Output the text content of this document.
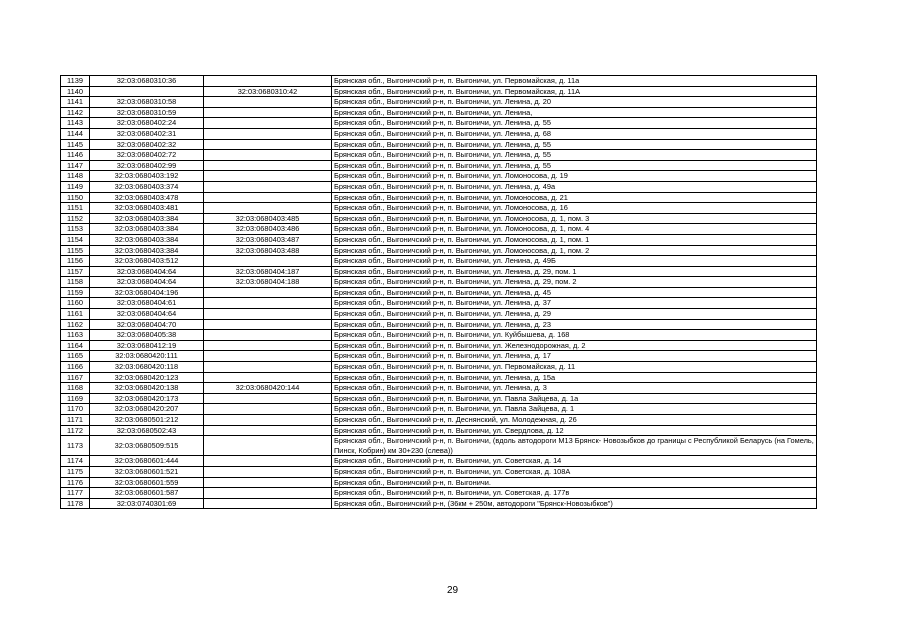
1139	32:03:0680310:36		Брянская обл., Выгоничский р-н, п. Выгоничи, ул. Первомайская, д. 11а
1140		32:03:0680310:42	Брянская обл., Выгоничский р-н, п. Выгоничи, ул. Первомайская, д. 11А
1141	32:03:0680310:58		Брянская обл., Выгоничский р-н, п. Выгоничи, ул. Ленина, д. 20
1142	32:03:0680310:59		Брянская обл., Выгоничский р-н, п. Выгоничи, ул. Ленина,
1143	32:03:0680402:24		Брянская обл., Выгоничский р-н, п. Выгоничи, ул. Ленина, д. 55
1144	32:03:0680402:31		Брянская обл., Выгоничский р-н, п. Выгоничи, ул. Ленина, д. 68
1145	32:03:0680402:32		Брянская обл., Выгоничский р-н, п. Выгоничи, ул. Ленина, д. 55
1146	32:03:0680402:72		Брянская обл., Выгоничский р-н, п. Выгоничи, ул. Ленина, д. 55
1147	32:03:0680402:99		Брянская обл., Выгоничский р-н, п. Выгоничи, ул. Ленина, д. 55
1148	32:03:0680403:192		Брянская обл., Выгоничский р-н, п. Выгоничи, ул. Ломоносова, д. 19
1149	32:03:0680403:374		Брянская обл., Выгоничский р-н, п. Выгоничи, ул. Ленина, д. 49а
1150	32:03:0680403:478		Брянская обл., Выгоничский р-н, п. Выгоничи, ул. Ломоносова, д. 21
1151	32:03:0680403:481		Брянская обл., Выгоничский р-н, п. Выгоничи, ул. Ломоносова, д. 16
1152	32:03:0680403:384	32:03:0680403:485	Брянская обл., Выгоничский р-н, п. Выгоничи, ул. Ломоносова, д. 1, пом. 3
1153	32:03:0680403:384	32:03:0680403:486	Брянская обл., Выгоничский р-н, п. Выгоничи, ул. Ломоносова, д. 1, пом. 4
1154	32:03:0680403:384	32:03:0680403:487	Брянская обл., Выгоничский р-н, п. Выгоничи, ул. Ломоносова, д. 1, пом. 1
1155	32:03:0680403:384	32:03:0680403:488	Брянская обл., Выгоничский р-н, п. Выгоничи, ул. Ломоносова, д. 1, пом. 2
1156	32:03:0680403:512		Брянская обл., Выгоничский р-н, п. Выгоничи, ул. Ленина, д. 49Б
1157	32:03:0680404:64	32:03:0680404:187	Брянская обл., Выгоничский р-н, п. Выгоничи, ул. Ленина, д. 29, пом. 1
1158	32:03:0680404:64	32:03:0680404:188	Брянская обл., Выгоничский р-н, п. Выгоничи, ул. Ленина, д. 29, пом. 2
1159	32:03:0680404:196		Брянская обл., Выгоничский р-н, п. Выгоничи, ул. Ленина, д. 45
1160	32:03:0680404:61		Брянская обл., Выгоничский р-н, п. Выгоничи, ул. Ленина, д. 37
1161	32:03:0680404:64		Брянская обл., Выгоничский р-н, п. Выгоничи, ул. Ленина, д. 29
1162	32:03:0680404:70		Брянская обл., Выгоничский р-н, п. Выгоничи, ул. Ленина, д. 23
1163	32:03:0680405:38		Брянская обл., Выгоничский р-н, п. Выгоничи, ул. Куйбышева, д. 168
1164	32:03:0680412:19		Брянская обл., Выгоничский р-н, п. Выгоничи, ул. Железнодорожная, д. 2
1165	32:03:0680420:111		Брянская обл., Выгоничский р-н, п. Выгоничи, ул. Ленина, д. 17
1166	32:03:0680420:118		Брянская обл., Выгоничский р-н, п. Выгоничи, ул. Первомайская, д. 11
1167	32:03:0680420:123		Брянская обл., Выгоничский р-н, п. Выгоничи, ул. Ленина, д. 15а
1168	32:03:0680420:138	32:03:0680420:144	Брянская обл., Выгоничский р-н, п. Выгоничи, ул. Ленина, д. 3
1169	32:03:0680420:173		Брянская обл., Выгоничский р-н, п. Выгоничи, ул. Павла Зайцева, д. 1а
1170	32:03:0680420:207		Брянская обл., Выгоничский р-н, п. Выгоничи, ул. Павла Зайцева, д. 1
1171	32:03:0680501:212		Брянская обл., Выгоничский р-н, п. Деснянский, ул. Молодежная, д. 26
1172	32:03:0680502:43		Брянская обл., Выгоничский р-н, п. Выгоничи, ул. Свердлова, д. 12
1173	32:03:0680509:515		Брянская обл., Выгоничский р-н, п. Выгоничи, (вдоль автодороги М13 Брянск- Новозыбков до границы с Республикой Беларусь (на Гомель, Пинск, Кобрин) км 30+230 (слева))
1174	32:03:0680601:444		Брянская обл., Выгоничский р-н, п. Выгоничи, ул. Советская, д. 14
1175	32:03:0680601:521		Брянская обл., Выгоничский р-н, п. Выгоничи, ул. Советская, д. 108А
1176	32:03:0680601:559		Брянская обл., Выгоничский р-н, п. Выгоничи.
1177	32:03:0680601:587		Брянская обл., Выгоничский р-н, п. Выгоничи, ул. Советская, д. 177в
1178	32:03:0740301:69		Брянская обл., Выгоничский р-н, (36км + 250м, автодороги "Брянск-Новозыбков")
29
